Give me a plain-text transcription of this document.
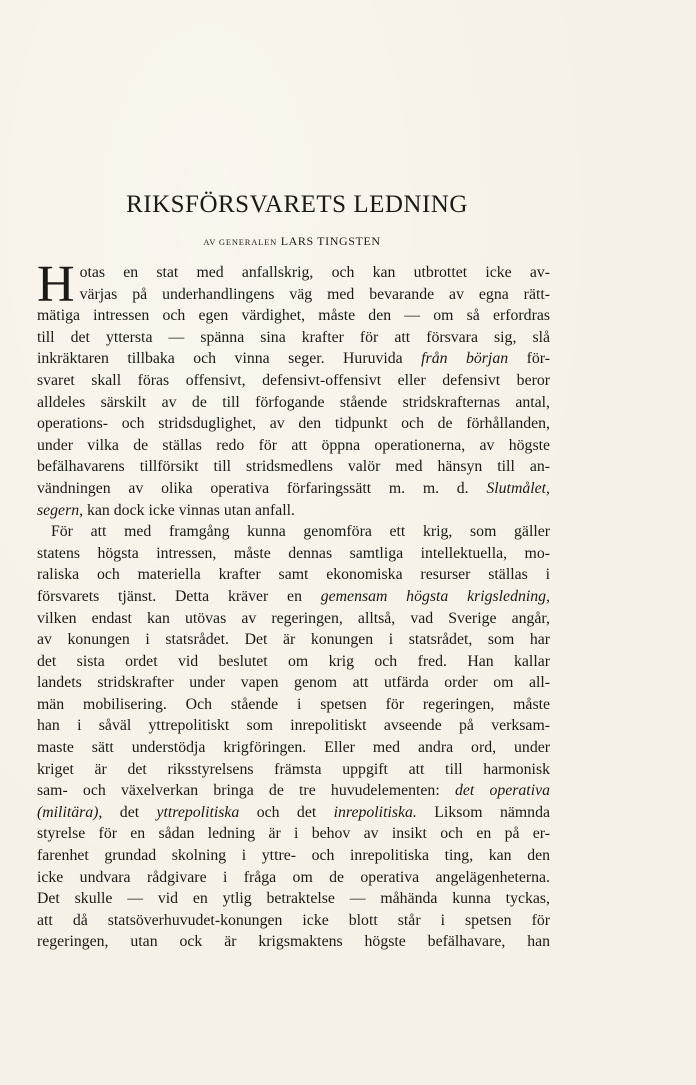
RIKSFÖRSVARETS LEDNING
AV GENERALEN LARS TINGSTEN
H otas en stat med anfallskrig, och kan utbrottet icke av-
värjas på underhandlingens väg med bevarande av egna rätt-
mätiga intressen och egen värdighet, måste den — om så erfordras
till det yttersta — spänna sina krafter för att försvara sig, slå
inkräktaren tillbaka och vinna seger. Huruvida från början för-
svaret skall föras offensivt, defensivt-offensivt eller defensivt beror
alldeles särskilt av de till förfogande stående stridskrafternas antal,
operations- och stridsduglighet, av den tidpunkt och de förhållanden,
under vilka de ställas redo för att öppna operationerna, av högste
befälhavarens tillförsikt till stridsmedlens valör med hänsyn till an-
vändningen av olika operativa förfaringssätt m. m. d. Slutmålet,
segern, kan dock icke vinnas utan anfall.
För att med framgång kunna genomföra ett krig, som gäller
statens högsta intressen, måste dennas samtliga intellektuella, mo-
raliska och materiella krafter samt ekonomiska resurser ställas i
försvarets tjänst. Detta kräver en gemensam högsta krigsledning,
vilken endast kan utövas av regeringen, alltså, vad Sverige angår,
av konungen i statsrådet. Det är konungen i statsrådet, som har
det sista ordet vid beslutet om krig och fred. Han kallar
landets stridskrafter under vapen genom att utfärda order om all-
män mobilisering. Och stående i spetsen för regeringen, måste
han i såväl yttrepolitiskt som inrepolitiskt avseende på verksam-
maste sätt understödja krigföringen. Eller med andra ord, under
kriget är det riksstyrelsens främsta uppgift att till harmonisk
sam- och växelverkan bringa de tre huvudelementen: det operativa
(militära), det yttrepolitiska och det inrepolitiska. Liksom nämnda
styrelse för en sådan ledning är i behov av insikt och en på er-
farenhet grundad skolning i yttre- och inrepolitiska ting, kan den
icke undvara rådgivare i fråga om de operativa angelägenheterna.
Det skulle — vid en ytlig betraktelse — måhända kunna tyckas,
att då statsöverhuvudet-konungen icke blott står i spetsen för
regeringen, utan ock är krigsmaktens högste befälhavare, han
